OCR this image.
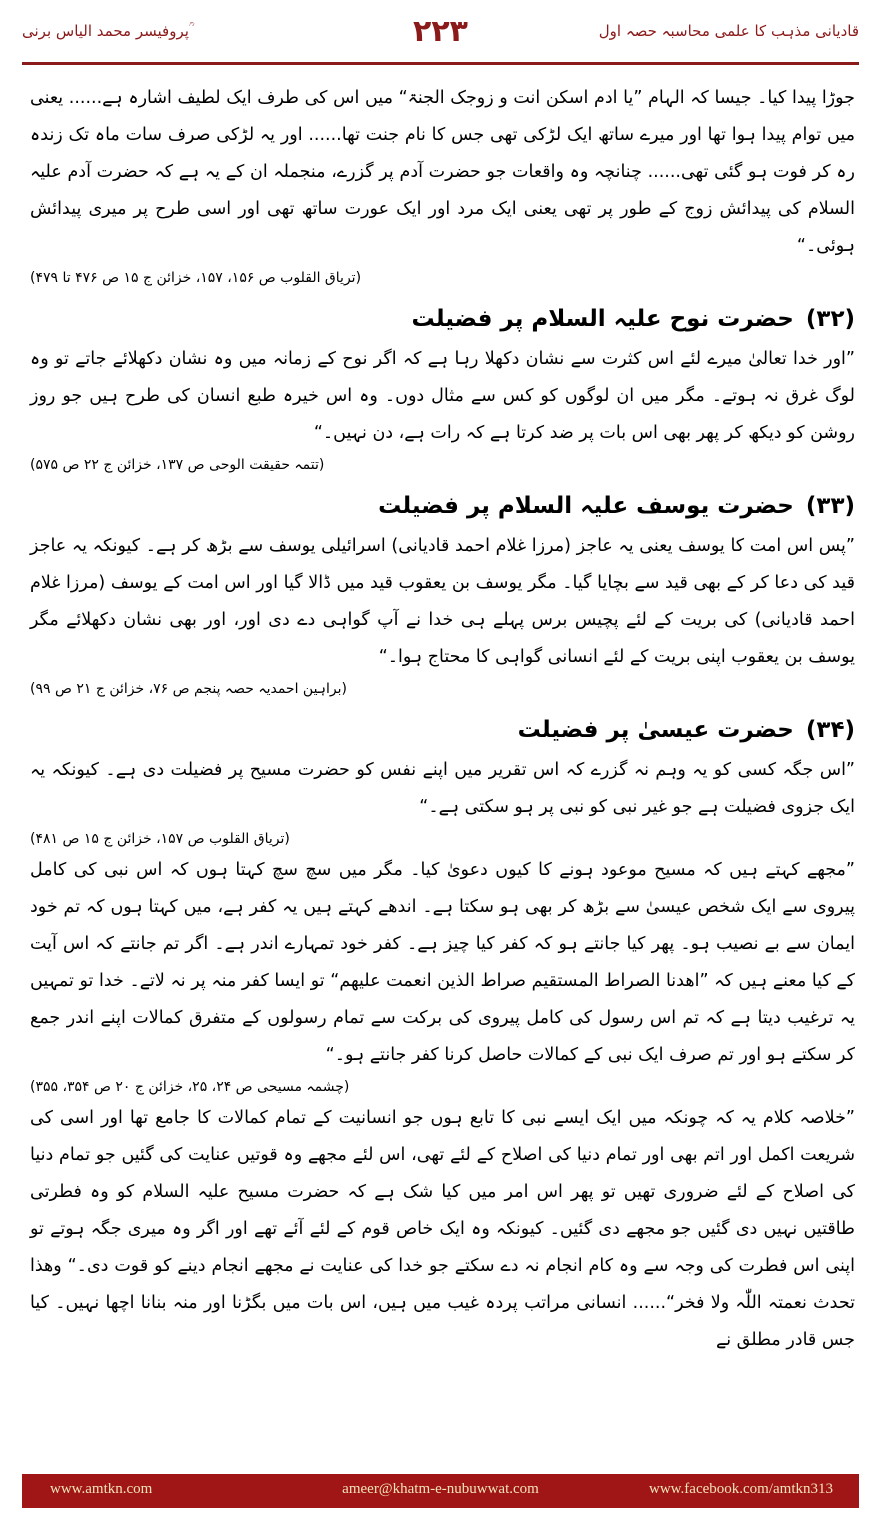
پروفیسر محمد الیاس برنی ؒ	۲۲۳	قادیانی مذہب کا علمی محاسبہ حصہ اول

جوڑا پیدا کیا۔ جیسا کہ الہام ”یا ادم اسکن انت و زوجک الجنۃ“ میں اس کی طرف ایک لطیف اشارہ ہے...... یعنی میں توام پیدا ہوا تھا اور میرے ساتھ ایک لڑکی تھی جس کا نام جنت تھا...... اور یہ لڑکی صرف سات ماہ تک زندہ رہ کر فوت ہو گئی تھی...... چنانچہ وہ واقعات جو حضرت آدم پر گزرے، منجملہ ان کے یہ ہے کہ حضرت آدم علیہ السلام کی پیدائش زوج کے طور پر تھی یعنی ایک مرد اور ایک عورت ساتھ تھی اور اسی طرح پر میری پیدائش ہوئی۔“

(تریاق القلوب ص ۱۵۶، ۱۵۷، خزائن ج ۱۵ ص ۴۷۶ تا ۴۷۹)

(۳۲)حضرت نوح علیہ السلام پر فضیلت

”اور خدا تعالیٰ میرے لئے اس کثرت سے نشان دکھلا رہا ہے کہ اگر نوح کے زمانہ میں وہ نشان دکھلائے جاتے تو وہ لوگ غرق نہ ہوتے۔ مگر میں ان لوگوں کو کس سے مثال دوں۔ وہ اس خیرہ طبع انسان کی طرح ہیں جو روز روشن کو دیکھ کر پھر بھی اس بات پر ضد کرتا ہے کہ رات ہے، دن نہیں۔“

(تتمہ حقیقت الوحی ص ۱۳۷، خزائن ج ۲۲ ص ۵۷۵)

(۳۳)حضرت یوسف علیہ السلام پر فضیلت

”پس اس امت کا یوسف یعنی یہ عاجز (مرزا غلام احمد قادیانی) اسرائیلی یوسف سے بڑھ کر ہے۔ کیونکہ یہ عاجز قید کی دعا کر کے بھی قید سے بچایا گیا۔ مگر یوسف بن یعقوب قید میں ڈالا گیا اور اس امت کے یوسف (مرزا غلام احمد قادیانی) کی بریت کے لئے پچیس برس پہلے ہی خدا نے آپ گواہی دے دی اور، اور بھی نشان دکھلائے مگر یوسف بن یعقوب اپنی بریت کے لئے انسانی گواہی کا محتاج ہوا۔“

(براہین احمدیہ حصہ پنجم ص ۷۶، خزائن ج ۲۱ ص ۹۹)

(۳۴)حضرت عیسیٰ پر فضیلت

”اس جگہ کسی کو یہ وہم نہ گزرے کہ اس تقریر میں اپنے نفس کو حضرت مسیح پر فضیلت دی ہے۔ کیونکہ یہ ایک جزوی فضیلت ہے جو غیر نبی کو نبی پر ہو سکتی ہے۔“

(تریاق القلوب ص ۱۵۷، خزائن ج ۱۵ ص ۴۸۱)

”مجھے کہتے ہیں کہ مسیح موعود ہونے کا کیوں دعویٰ کیا۔ مگر میں سچ سچ کہتا ہوں کہ اس نبی کی کامل پیروی سے ایک شخص عیسیٰ سے بڑھ کر بھی ہو سکتا ہے۔ اندھے کہتے ہیں یہ کفر ہے، میں کہتا ہوں کہ تم خود ایمان سے بے نصیب ہو۔ پھر کیا جانتے ہو کہ کفر کیا چیز ہے۔ کفر خود تمہارے اندر ہے۔ اگر تم جانتے کہ اس آیت کے کیا معنے ہیں کہ ”اھدنا الصراط المستقیم صراط الذین انعمت علیھم“ تو ایسا کفر منہ پر نہ لاتے۔ خدا تو تمہیں یہ ترغیب دیتا ہے کہ تم اس رسول کی کامل پیروی کی برکت سے تمام رسولوں کے متفرق کمالات اپنے اندر جمع کر سکتے ہو اور تم صرف ایک نبی کے کمالات حاصل کرنا کفر جانتے ہو۔“

(چشمہ مسیحی ص ۲۴، ۲۵، خزائن ج ۲۰ ص ۳۵۴، ۳۵۵)

”خلاصہ کلام یہ کہ چونکہ میں ایک ایسے نبی کا تابع ہوں جو انسانیت کے تمام کمالات کا جامع تھا اور اسی کی شریعت اکمل اور اتم بھی اور تمام دنیا کی اصلاح کے لئے تھی، اس لئے مجھے وہ قوتیں عنایت کی گئیں جو تمام دنیا کی اصلاح کے لئے ضروری تھیں تو پھر اس امر میں کیا شک ہے کہ حضرت مسیح علیہ السلام کو وہ فطرتی طاقتیں نہیں دی گئیں جو مجھے دی گئیں۔ کیونکہ وہ ایک خاص قوم کے لئے آئے تھے اور اگر وہ میری جگہ ہوتے تو اپنی اس فطرت کی وجہ سے وہ کام انجام نہ دے سکتے جو خدا کی عنایت نے مجھے انجام دینے کو قوت دی۔“ وھذا تحدث نعمتہ اللّٰہ ولا فخر“...... انسانی مراتب پردہ غیب میں ہیں، اس بات میں بگڑنا اور منہ بنانا اچھا نہیں۔ کیا جس قادر مطلق نے

www.amtkn.com	ameer@khatm-e-nubuwwat.com	www.facebook.com/amtkn313
